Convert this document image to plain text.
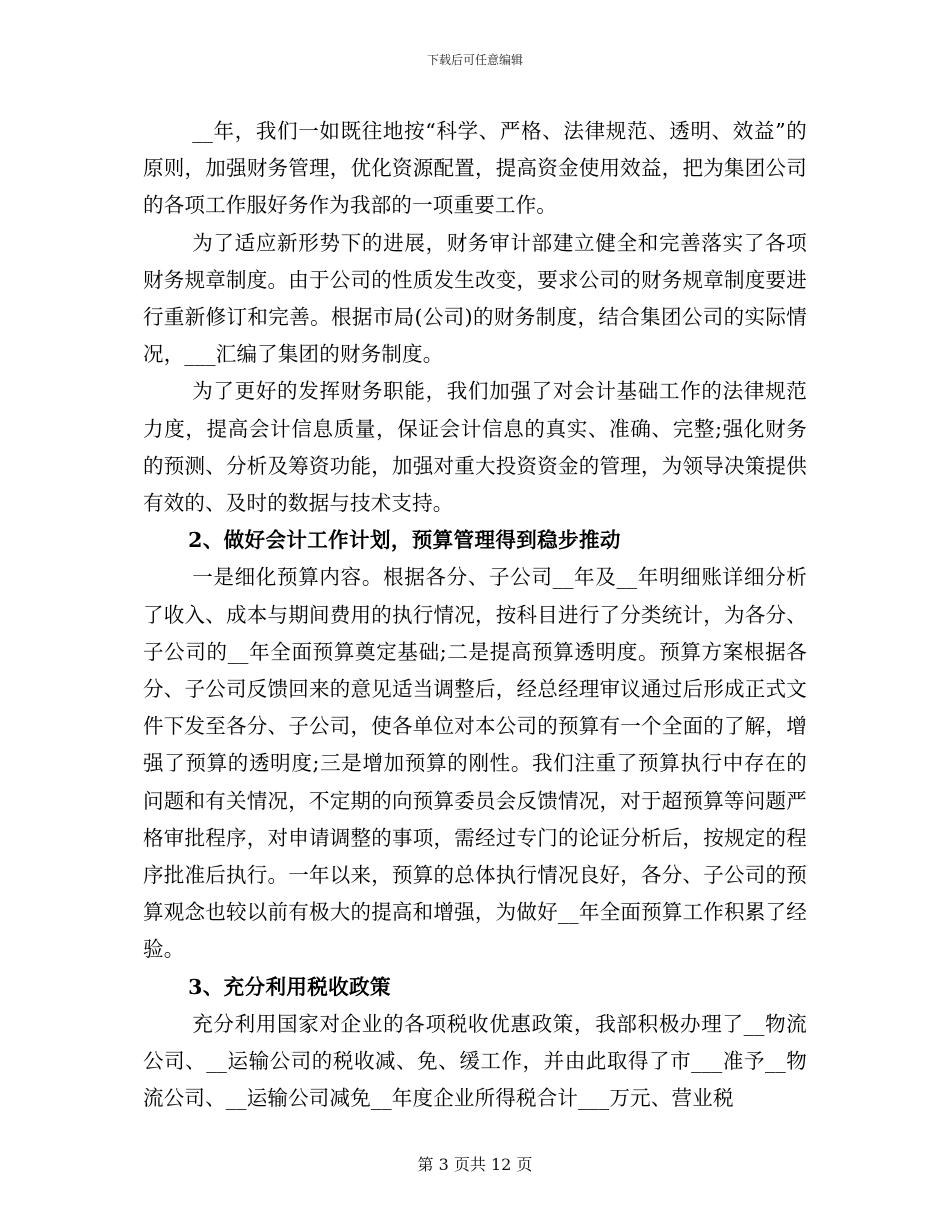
下载后可任意编辑

__年，我们一如既往地按“科学、严格、法律规范、透明、效益”的原则，加强财务管理，优化资源配置，提高资金使用效益，把为集团公司的各项工作服好务作为我部的一项重要工作。

为了适应新形势下的进展，财务审计部建立健全和完善落实了各项财务规章制度。由于公司的性质发生改变，要求公司的财务规章制度要进行重新修订和完善。根据市局(公司)的财务制度，结合集团公司的实际情况，___汇编了集团的财务制度。

为了更好的发挥财务职能，我们加强了对会计基础工作的法律规范力度，提高会计信息质量，保证会计信息的真实、准确、完整;强化财务的预测、分析及筹资功能，加强对重大投资资金的管理，为领导决策提供有效的、及时的数据与技术支持。

2、做好会计工作计划，预算管理得到稳步推动

一是细化预算内容。根据各分、子公司__年及__年明细账详细分析了收入、成本与期间费用的执行情况，按科目进行了分类统计，为各分、子公司的__年全面预算奠定基础;二是提高预算透明度。预算方案根据各分、子公司反馈回来的意见适当调整后，经总经理审议通过后形成正式文件下发至各分、子公司，使各单位对本公司的预算有一个全面的了解，增强了预算的透明度;三是增加预算的刚性。我们注重了预算执行中存在的问题和有关情况，不定期的向预算委员会反馈情况，对于超预算等问题严格审批程序，对申请调整的事项，需经过专门的论证分析后，按规定的程序批准后执行。一年以来，预算的总体执行情况良好，各分、子公司的预算观念也较以前有极大的提高和增强，为做好__年全面预算工作积累了经验。

3、充分利用税收政策

充分利用国家对企业的各项税收优惠政策，我部积极办理了__物流公司、__运输公司的税收减、免、缓工作，并由此取得了市___准予__物流公司、__运输公司减免__年度企业所得税合计___万元、营业税

第 3 页共 12 页
